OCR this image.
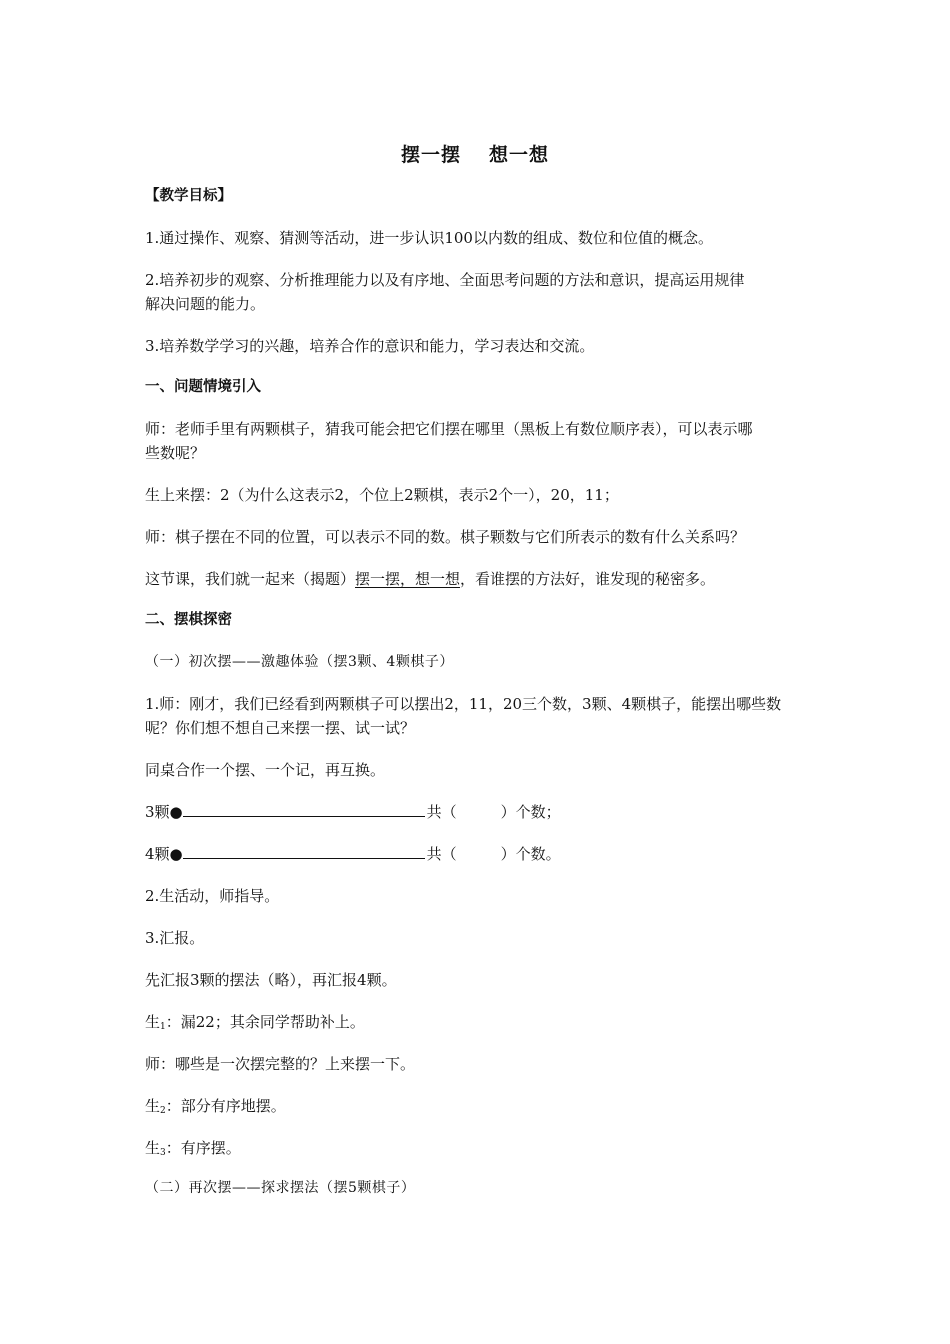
摆一摆 想一想

【教学目标】

1.通过操作、观察、猜测等活动，进一步认识100以内数的组成、数位和位值的概念。

2.培养初步的观察、分析推理能力以及有序地、全面思考问题的方法和意识，提高运用规律

解决问题的能力。

3.培养数学学习的兴趣，培养合作的意识和能力，学习表达和交流。

一、问题情境引入

师：老师手里有两颗棋子，猜我可能会把它们摆在哪里（黑板上有数位顺序表），可以表示哪

些数呢？

生上来摆：2（为什么这表示2，个位上2颗棋，表示2个一），20，11；

师：棋子摆在不同的位置，可以表示不同的数。棋子颗数与它们所表示的数有什么关系吗？

这节课，我们就一起来（揭题）摆一摆，想一想，看谁摆的方法好，谁发现的秘密多。

二、摆棋探密

（一）初次摆——激趣体验（摆3颗、4颗棋子）

1.师：刚才，我们已经看到两颗棋子可以摆出2，11，20三个数，3颗、4颗棋子，能摆出哪些数

呢？你们想不想自己来摆一摆、试一试？

同桌合作一个摆、一个记，再互换。

3颗●	共（	）个数；

4颗●	共（	）个数。

2.生活动，师指导。

3.汇报。

先汇报3颗的摆法（略），再汇报4颗。

生1：漏22；其余同学帮助补上。

师：哪些是一次摆完整的？上来摆一下。

生2：部分有序地摆。

生3：有序摆。

（二）再次摆——探求摆法（摆5颗棋子）
